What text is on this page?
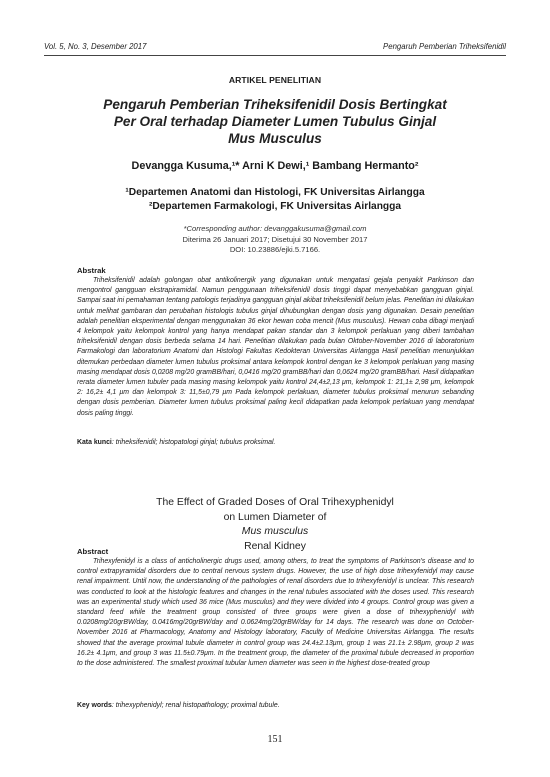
Vol. 5, No. 3, Desember 2017	Pengaruh Pemberian Triheksifenidil
ARTIKEL PENELITIAN
Pengaruh Pemberian Triheksifenidil Dosis Bertingkat
Per Oral terhadap Diameter Lumen Tubulus Ginjal
Mus Musculus
Devangga Kusuma,¹* Arni K Dewi,¹ Bambang Hermanto²
¹Departemen Anatomi dan Histologi, FK Universitas Airlangga
²Departemen Farmakologi, FK Universitas Airlangga
*Corresponding author: devanggakusuma@gmail.com
Diterima 26 Januari 2017; Disetujui 30 November 2017
DOI: 10.23886/ejki.5.7166.
Abstrak
Triheksifenidil adalah golongan obat antikolinergik yang digunakan untuk mengatasi gejala penyakit Parkinson dan mengontrol gangguan ekstrapiramidal. Namun penggunaan triheksifenidil dosis tinggi dapat menyebabkan gangguan ginjal. Sampai saat ini pemahaman tentang patologis terjadinya gangguan ginjal akibat triheksifenidil belum jelas. Penelitian ini dilakukan untuk melihat gambaran dan perubahan histologis tubulus ginjal dihubungkan dengan dosis yang digunakan. Desain penelitian adalah penelitian eksperimental dengan menggunakan 36 ekor hewan coba mencit (Mus musculus). Hewan coba dibagi menjadi 4 kelompok yaitu kelompok kontrol yang hanya mendapat pakan standar dan 3 kelompok perlakuan yang diberi tambahan triheksifenidil dengan dosis berbeda selama 14 hari. Penelitian dilakukan pada bulan Oktober-November 2016 di laboratorium Farmakologi dan laboratorium Anatomi dan Histologi Fakultas Kedokteran Universitas Airlangga Hasil penelitian menunjukkan ditemukan perbedaan diameter lumen tubulus proksimal antara kelompok kontrol dengan ke 3 kelompok perlakuan yang masing masing mendapat dosis 0,0208 mg/20 gramBB/hari, 0,0416 mg/20 gramBB/hari dan 0,0624 mg/20 gramBB/hari. Hasil didapatkan rerata diameter lumen tubuler pada masing masing kelompok yaitu kontrol 24,4±2,13 μm, kelompok 1: 21,1± 2,98 μm, kelompok 2: 16,2± 4,1 μm dan kelompok 3: 11,5±0,79 μm Pada kelompok perlakuan, diameter tubulus proksimal menurun sebanding dengan dosis pemberian. Diameter lumen tubulus proksimal paling kecil didapatkan pada kelompok perlakuan yang mendapat dosis paling tinggi.
Kata kunci: triheksifenidil; histopatologi ginjal; tubulus proksimal.
The Effect of Graded Doses of Oral Trihexyphenidyl
on Lumen Diameter of
Mus musculus
Renal Kidney
Abstract
Trihexyfenidyl is a class of anticholinergic drugs used, among others, to treat the symptoms of Parkinson's disease and to control extrapyramidal disorders due to central nervous system drugs. However, the use of high dose trihexyfenidyl may cause renal impairment. Until now, the understanding of the pathologies of renal disorders due to trihexyfenidyl is unclear. This research was conducted to look at the histologic features and changes in the renal tubules associated with the doses used. This research was an experimental study which used 36 mice (Mus musculus) and they were divided into 4 groups. Control group was given a standard feed while the treatment group consisted of three groups were given a dose of trihexyphenidyl with 0.0208mg/20grBW/day, 0.0416mg/20grBW/day and 0.0624mg/20grBW/day for 14 days. The research was done on October-November 2016 at Pharmacology, Anatomy and Histology laboratory, Faculty of Medicine Universitas Airlangga. The results showed that the average proximal tubule diameter in control group was 24.4±2.13μm, group 1 was 21.1± 2.98μm, group 2 was 16.2± 4.1μm, and group 3 was 11.5±0.79μm. In the treatment group, the diameter of the proximal tubule decreased in proportion to the dose administered. The smallest proximal tubular lumen diameter was seen in the highest dose-treated group
Key words: trihexyphenidyl; renal histopathology; proximal tubule.
151
